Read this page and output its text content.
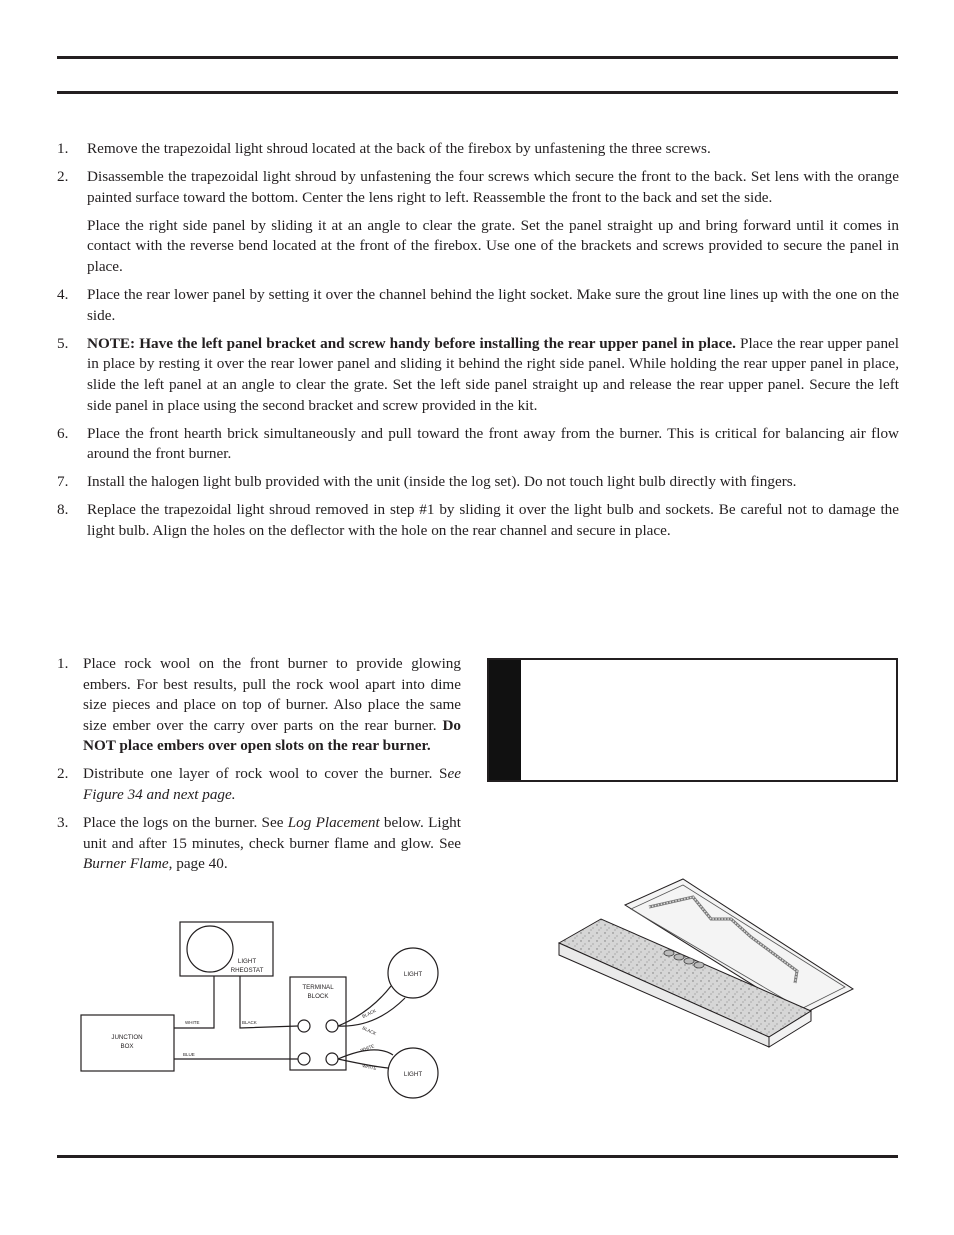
1. Remove the trapezoidal light shroud located at the back of the firebox by unfastening the three screws.
2. Disassemble the trapezoidal light shroud by unfastening the four screws which secure the front to the back. Set lens with the orange painted surface toward the bottom. Center the lens right to left. Reassemble the front to the back and set the side.
Place the right side panel by sliding it at an angle to clear the grate. Set the panel straight up and bring forward until it comes in contact with the reverse bend located at the front of the firebox. Use one of the brackets and screws provided to secure the panel in place.
4. Place the rear lower panel by setting it over the channel behind the light socket. Make sure the grout line lines up with the one on the side.
5. NOTE: Have the left panel bracket and screw handy before installing the rear upper panel in place. Place the rear upper panel in place by resting it over the rear lower panel and sliding it behind the right side panel. While holding the rear upper panel in place, slide the left panel at an angle to clear the grate. Set the left side panel straight up and release the rear upper panel. Secure the left side panel in place using the second bracket and screw provided in the kit.
6. Place the front hearth brick simultaneously and pull toward the front away from the burner. This is critical for balancing air flow around the front burner.
7. Install the halogen light bulb provided with the unit (inside the log set). Do not touch light bulb directly with fingers.
8. Replace the trapezoidal light shroud removed in step #1 by sliding it over the light bulb and sockets. Be careful not to damage the light bulb. Align the holes on the deflector with the hole on the rear channel and secure in place.
1. Place rock wool on the front burner to provide glowing embers. For best results, pull the rock wool apart into dime size pieces and place on top of burner. Also place the same size ember over the carry over parts on the rear burner. Do NOT place embers over open slots on the rear burner.
2. Distribute one layer of rock wool to cover the burner. See Figure 34 and next page.
3. Place the logs on the burner. See Log Placement below. Light unit and after 15 minutes, check burner flame and glow. See Burner Flame, page 40.
JUNCTION
BOX
LIGHT
RHEOSTAT
TERMINAL
BLOCK
LIGHT
LIGHT
WHITE	BLACK
BLUE
BLACK
BLACK
WHITE
WHITE
